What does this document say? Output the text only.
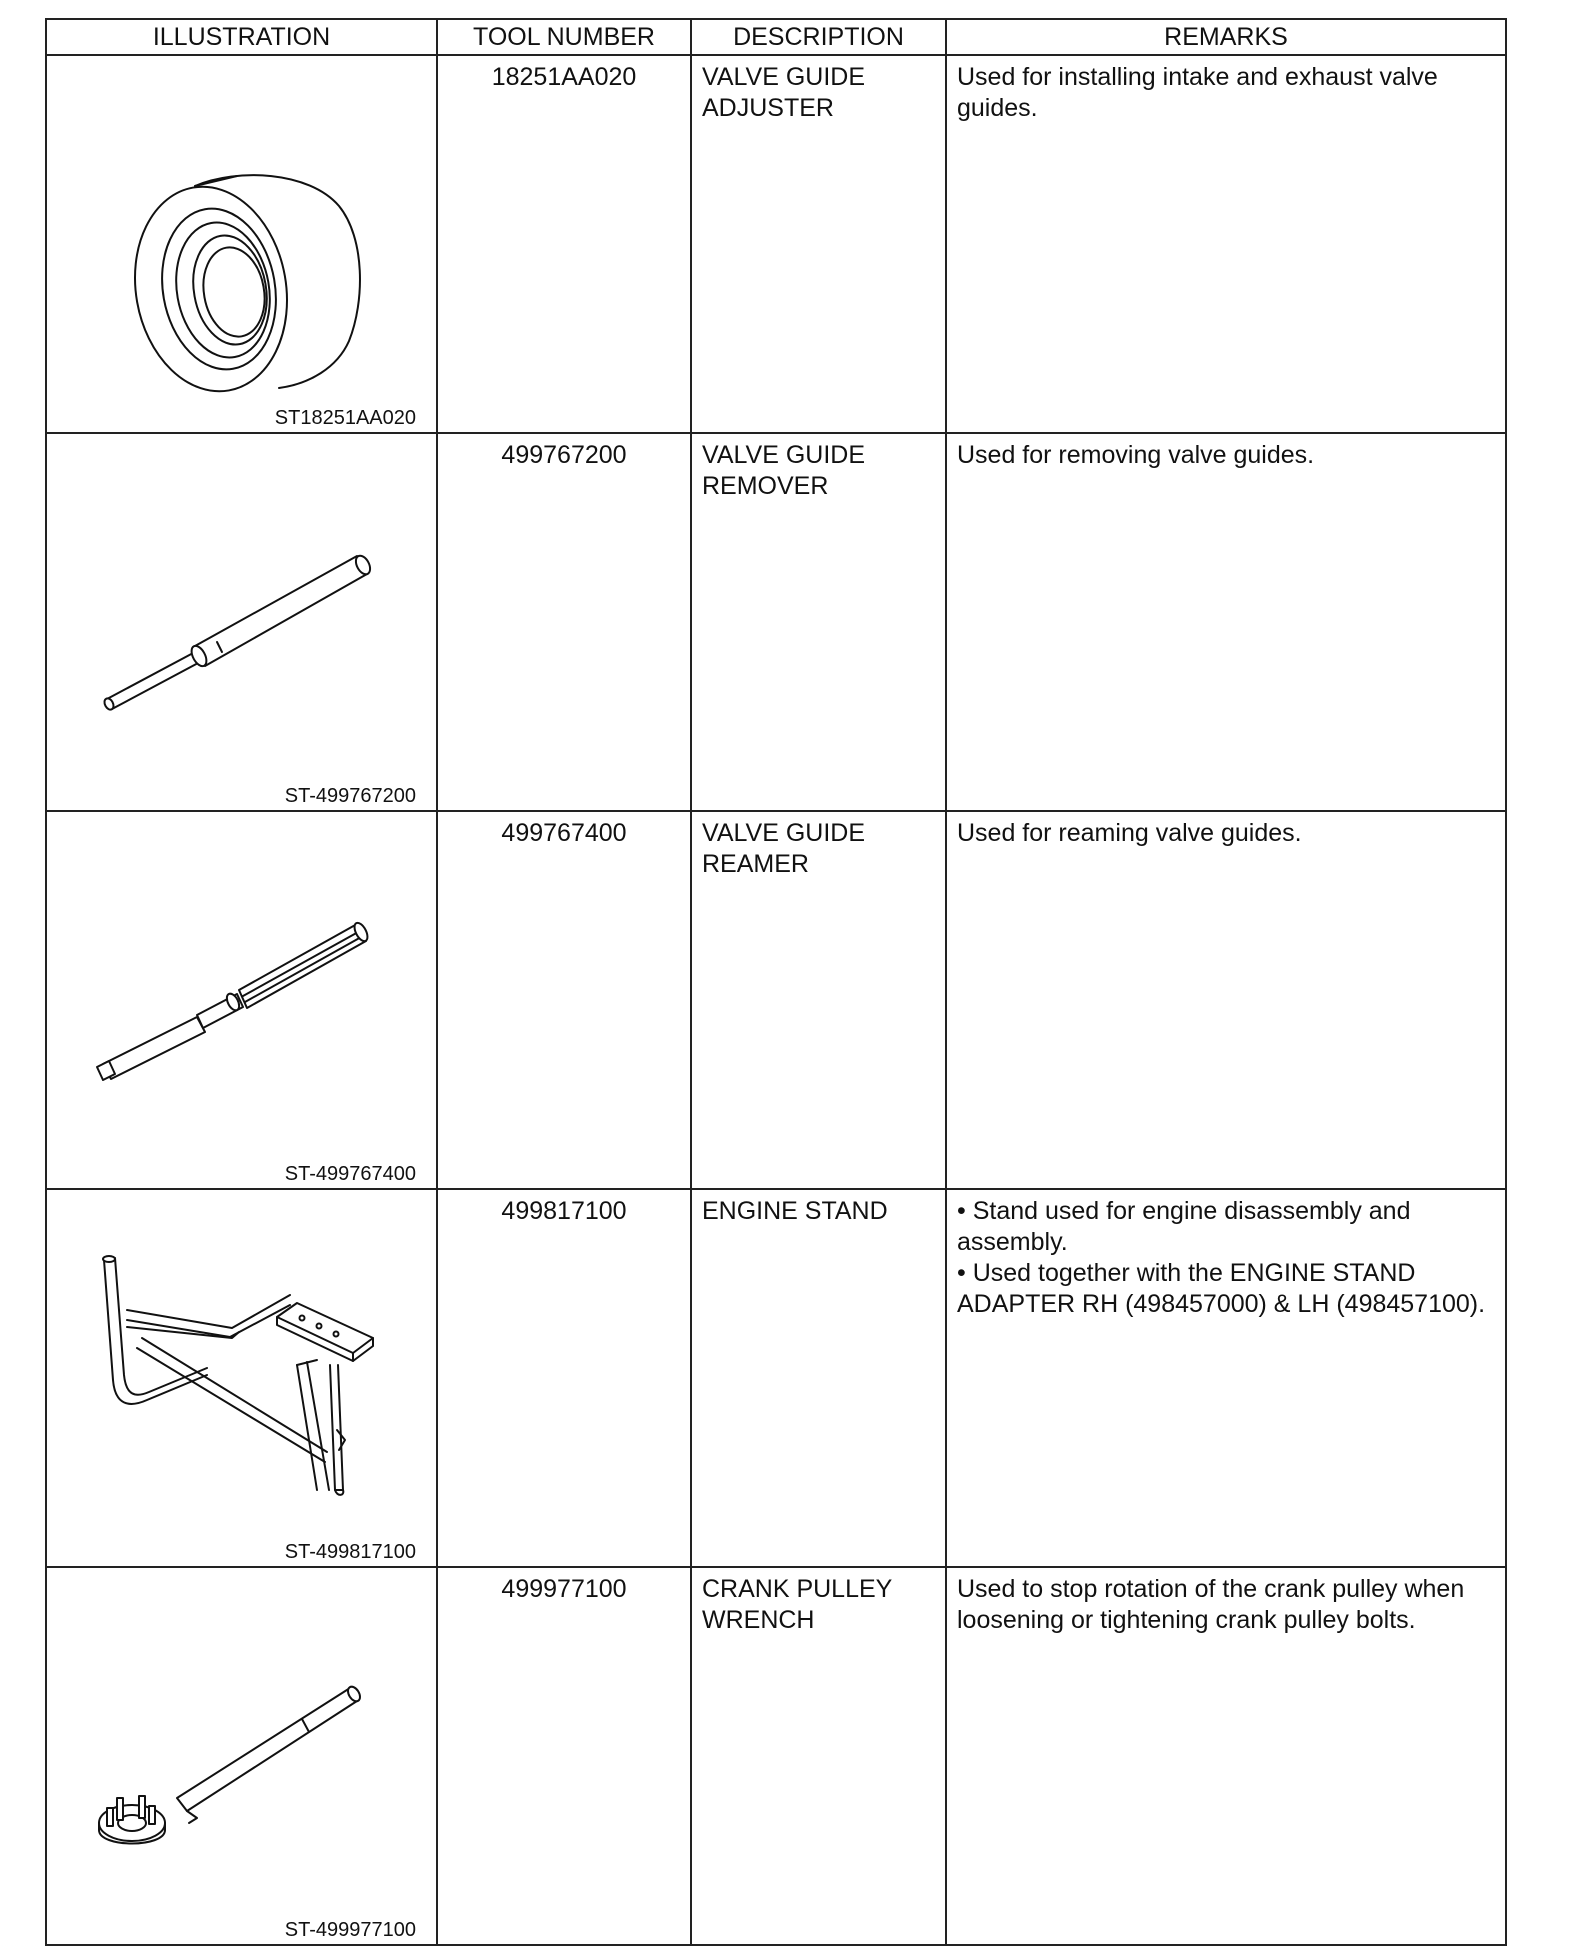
ILLUSTRATION	TOOL NUMBER	DESCRIPTION	REMARKS

ST18251AA020	18251AA020	VALVE GUIDE ADJUSTER	Used for installing intake and exhaust valve guides.

ST-499767200	499767200	VALVE GUIDE REMOVER	Used for removing valve guides.

ST-499767400	499767400	VALVE GUIDE REAMER	Used for reaming valve guides.

ST-499817100	499817100	ENGINE STAND	• Stand used for engine disassembly and assembly.
• Used together with the ENGINE STAND ADAPTER RH (498457000) & LH (498457100).

ST-499977100	499977100	CRANK PULLEY WRENCH	Used to stop rotation of the crank pulley when loosening or tightening crank pulley bolts.
